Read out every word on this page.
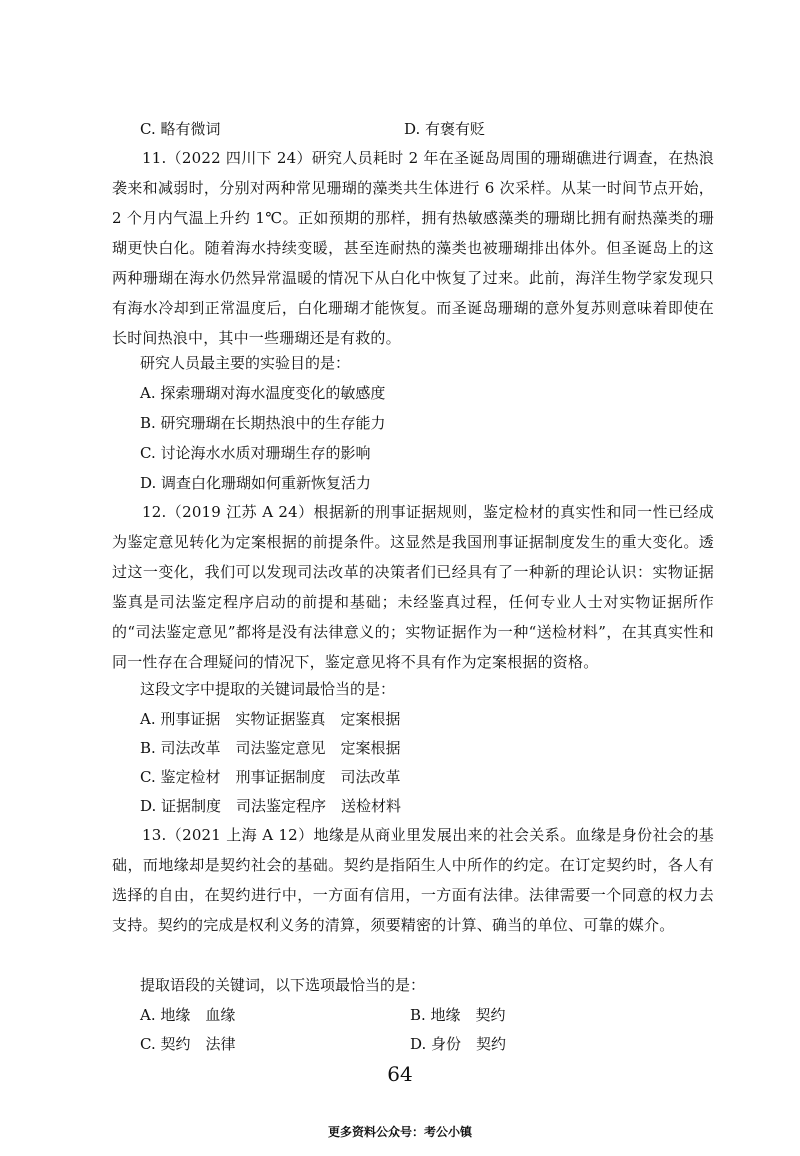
C. 略有微词	D. 有褒有贬
11.（2022 四川下 24）研究人员耗时 2 年在圣诞岛周围的珊瑚礁进行调查，在热浪袭来和减弱时，分别对两种常见珊瑚的藻类共生体进行 6 次采样。从某一时间节点开始，2 个月内气温上升约 1℃。正如预期的那样，拥有热敏感藻类的珊瑚比拥有耐热藻类的珊瑚更快白化。随着海水持续变暖，甚至连耐热的藻类也被珊瑚排出体外。但圣诞岛上的这两种珊瑚在海水仍然异常温暖的情况下从白化中恢复了过来。此前，海洋生物学家发现只有海水冷却到正常温度后，白化珊瑚才能恢复。而圣诞岛珊瑚的意外复苏则意味着即使在长时间热浪中，其中一些珊瑚还是有救的。
研究人员最主要的实验目的是：
A. 探索珊瑚对海水温度变化的敏感度
B. 研究珊瑚在长期热浪中的生存能力
C. 讨论海水水质对珊瑚生存的影响
D. 调查白化珊瑚如何重新恢复活力
12.（2019 江苏 A 24）根据新的刑事证据规则，鉴定检材的真实性和同一性已经成为鉴定意见转化为定案根据的前提条件。这显然是我国刑事证据制度发生的重大变化。透过这一变化，我们可以发现司法改革的决策者们已经具有了一种新的理论认识：实物证据鉴真是司法鉴定程序启动的前提和基础；未经鉴真过程，任何专业人士对实物证据所作的“司法鉴定意见”都将是没有法律意义的；实物证据作为一种“送检材料”，在其真实性和同一性存在合理疑问的情况下，鉴定意见将不具有作为定案根据的资格。
这段文字中提取的关键词最恰当的是：
A. 刑事证据　实物证据鉴真　定案根据
B. 司法改革　司法鉴定意见　定案根据
C. 鉴定检材　刑事证据制度　司法改革
D. 证据制度　司法鉴定程序　送检材料
13.（2021 上海 A 12）地缘是从商业里发展出来的社会关系。血缘是身份社会的基础，而地缘却是契约社会的基础。契约是指陌生人中所作的约定。在订定契约时，各人有选择的自由，在契约进行中，一方面有信用，一方面有法律。法律需要一个同意的权力去支持。契约的完成是权利义务的清算，须要精密的计算、确当的单位、可靠的媒介。
提取语段的关键词，以下选项最恰当的是：
A. 地缘　血缘	B. 地缘　契约
C. 契约　法律	D. 身份　契约
64
更多资料公众号：考公小镇
